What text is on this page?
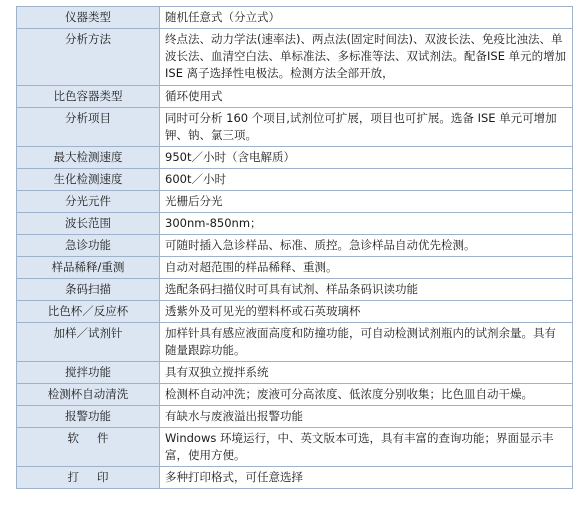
仪器类型	随机任意式（分立式）
分析方法	终点法、动力学法(速率法)、两点法(固定时间法)、双波长法、免疫比浊法、单波长法、血清空白法、单标准法、多标准等法、双试剂法。配备ISE 单元的增加 ISE 离子选择性电极法。检测方法全部开放，
比色容器类型	循环使用式
分析项目	同时可分析 160 个项目,试剂位可扩展，项目也可扩展。选备 ISE 单元可增加钾、钠、氯三项。
最大检测速度	950t／小时（含电解质）
生化检测速度	600t／小时
分光元件	光栅后分光
波长范围	300nm-850nm；
急诊功能	可随时插入急诊样品、标准、质控。急诊样品自动优先检测。
样品稀释/重测	自动对超范围的样品稀释、重测。
条码扫描	选配条码扫描仪时可具有试剂、样品条码识读功能
比色杯／反应杯	透紫外及可见光的塑料杯或石英玻璃杯
加样／试剂针	加样针具有感应液面高度和防撞功能，可自动检测试剂瓶内的试剂余量。具有随量跟踪功能。
搅拌功能	具有双独立搅拌系统
检测杯自动清洗	检测杯自动冲洗；废液可分高浓度、低浓度分别收集；比色皿自动干燥。
报警功能	有缺水与废液溢出报警功能
软件	Windows 环境运行，中、英文版本可选，具有丰富的查询功能；界面显示丰富，使用方便。
打印	多种打印格式，可任意选择
